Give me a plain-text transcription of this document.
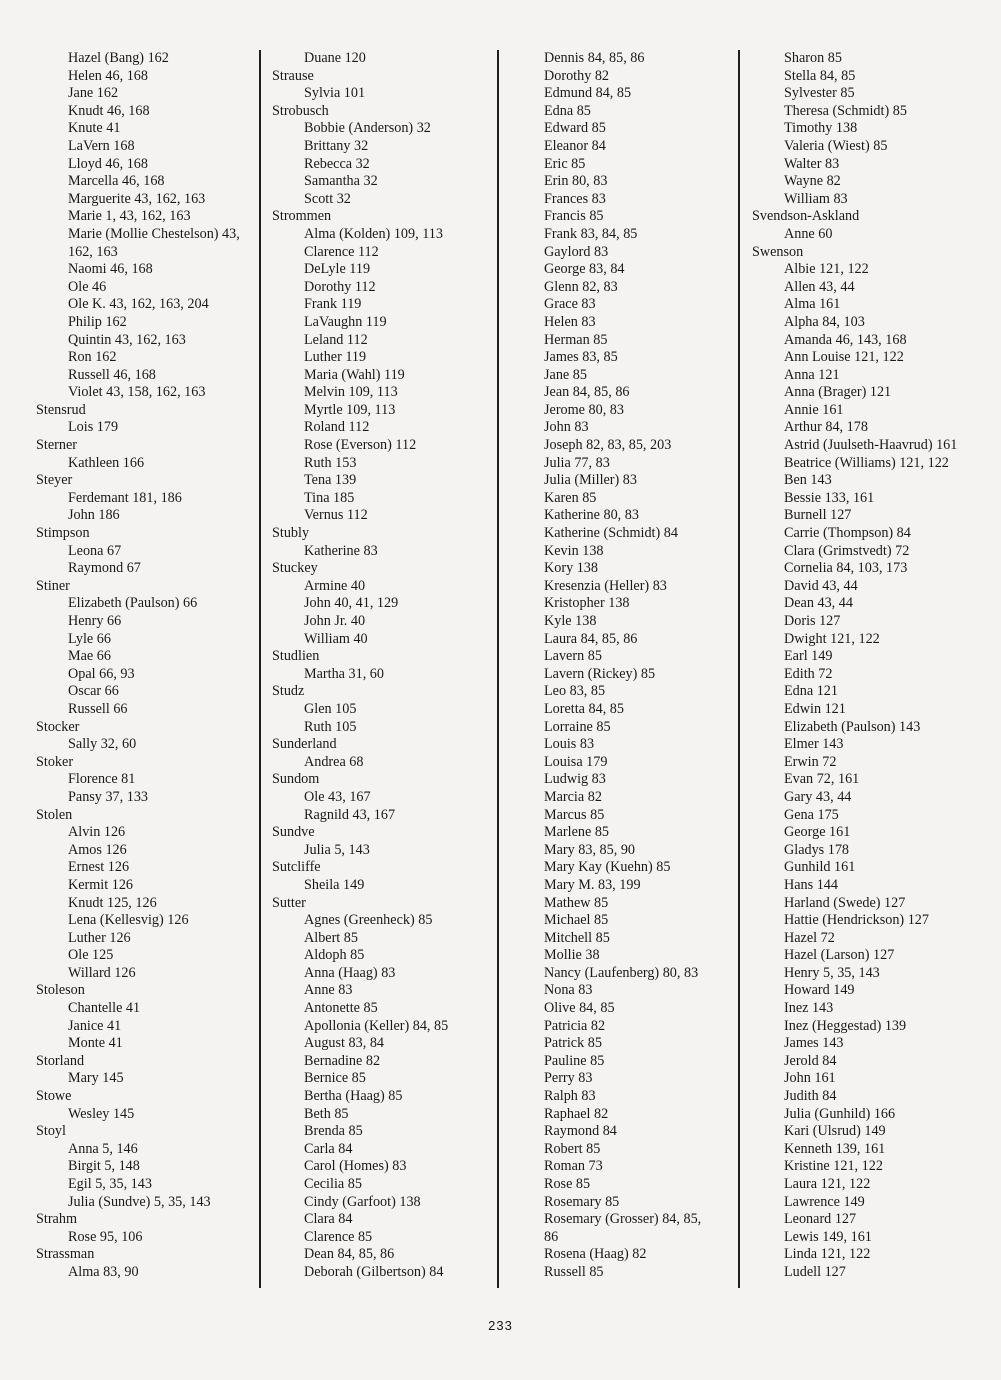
Hazel (Bang) 162
Helen 46, 168
Jane 162
Knudt 46, 168
Knute 41
LaVern 168
Lloyd 46, 168
Marcella 46, 168
Marguerite 43, 162, 163
Marie 1, 43, 162, 163
Marie (Mollie Chestelson) 43,
162, 163
Naomi 46, 168
Ole 46
Ole K. 43, 162, 163, 204
Philip 162
Quintin 43, 162, 163
Ron 162
Russell 46, 168
Violet 43, 158, 162, 163
Stensrud
Lois 179
Sterner
Kathleen 166
Steyer
Ferdemant 181, 186
John 186
Stimpson
Leona 67
Raymond 67
Stiner
Elizabeth (Paulson) 66
Henry 66
Lyle 66
Mae 66
Opal 66, 93
Oscar 66
Russell 66
Stocker
Sally 32, 60
Stoker
Florence 81
Pansy 37, 133
Stolen
Alvin 126
Amos 126
Ernest 126
Kermit 126
Knudt 125, 126
Lena (Kellesvig) 126
Luther 126
Ole 125
Willard 126
Stoleson
Chantelle 41
Janice 41
Monte 41
Storland
Mary 145
Stowe
Wesley 145
Stoyl
Anna 5, 146
Birgit 5, 148
Egil 5, 35, 143
Julia (Sundve) 5, 35, 143
Strahm
Rose 95, 106
Strassman
Alma 83, 90
Duane 120
Strause
Sylvia 101
Strobusch
Bobbie (Anderson) 32
Brittany 32
Rebecca 32
Samantha 32
Scott 32
Strommen
Alma (Kolden) 109, 113
Clarence 112
DeLyle 119
Dorothy 112
Frank 119
LaVaughn 119
Leland 112
Luther 119
Maria (Wahl) 119
Melvin 109, 113
Myrtle 109, 113
Roland 112
Rose (Everson) 112
Ruth 153
Tena 139
Tina 185
Vernus 112
Stubly
Katherine 83
Stuckey
Armine 40
John 40, 41, 129
John Jr. 40
William 40
Studlien
Martha 31, 60
Studz
Glen 105
Ruth 105
Sunderland
Andrea 68
Sundom
Ole 43, 167
Ragnild 43, 167
Sundve
Julia 5, 143
Sutcliffe
Sheila 149
Sutter
Agnes (Greenheck) 85
Albert 85
Aldoph 85
Anna (Haag) 83
Anne 83
Antonette 85
Apollonia (Keller) 84, 85
August 83, 84
Bernadine 82
Bernice 85
Bertha (Haag) 85
Beth 85
Brenda 85
Carla 84
Carol (Homes) 83
Cecilia 85
Cindy (Garfoot) 138
Clara 84
Clarence 85
Dean 84, 85, 86
Deborah (Gilbertson) 84
Dennis 84, 85, 86
Dorothy 82
Edmund 84, 85
Edna 85
Edward 85
Eleanor 84
Eric 85
Erin 80, 83
Frances 83
Francis 85
Frank 83, 84, 85
Gaylord 83
George 83, 84
Glenn 82, 83
Grace 83
Helen 83
Herman 85
James 83, 85
Jane 85
Jean 84, 85, 86
Jerome 80, 83
John 83
Joseph 82, 83, 85, 203
Julia 77, 83
Julia (Miller) 83
Karen 85
Katherine 80, 83
Katherine (Schmidt) 84
Kevin 138
Kory 138
Kresenzia (Heller) 83
Kristopher 138
Kyle 138
Laura 84, 85, 86
Lavern 85
Lavern (Rickey) 85
Leo 83, 85
Loretta 84, 85
Lorraine 85
Louis 83
Louisa 179
Ludwig 83
Marcia 82
Marcus 85
Marlene 85
Mary 83, 85, 90
Mary Kay (Kuehn) 85
Mary M. 83, 199
Mathew 85
Michael 85
Mitchell 85
Mollie 38
Nancy (Laufenberg) 80, 83
Nona 83
Olive 84, 85
Patricia 82
Patrick 85
Pauline 85
Perry 83
Ralph 83
Raphael 82
Raymond 84
Robert 85
Roman 73
Rose 85
Rosemary 85
Rosemary (Grosser) 84, 85,
86
Rosena (Haag) 82
Russell 85
Sharon 85
Stella 84, 85
Sylvester 85
Theresa (Schmidt) 85
Timothy 138
Valeria (Wiest) 85
Walter 83
Wayne 82
William 83
Svendson-Askland
Anne 60
Swenson
Albie 121, 122
Allen 43, 44
Alma 161
Alpha 84, 103
Amanda 46, 143, 168
Ann Louise 121, 122
Anna 121
Anna (Brager) 121
Annie 161
Arthur 84, 178
Astrid (Juulseth-Haavrud) 161
Beatrice (Williams) 121, 122
Ben 143
Bessie 133, 161
Burnell 127
Carrie (Thompson) 84
Clara (Grimstvedt) 72
Cornelia 84, 103, 173
David 43, 44
Dean 43, 44
Doris 127
Dwight 121, 122
Earl 149
Edith 72
Edna 121
Edwin 121
Elizabeth (Paulson) 143
Elmer 143
Erwin 72
Evan 72, 161
Gary 43, 44
Gena 175
George 161
Gladys 178
Gunhild 161
Hans 144
Harland (Swede) 127
Hattie (Hendrickson) 127
Hazel 72
Hazel (Larson) 127
Henry 5, 35, 143
Howard 149
Inez 143
Inez (Heggestad) 139
James 143
Jerold 84
John 161
Judith 84
Julia (Gunhild) 166
Kari (Ulsrud) 149
Kenneth 139, 161
Kristine 121, 122
Laura 121, 122
Lawrence 149
Leonard 127
Lewis 149, 161
Linda 121, 122
Ludell 127
233
